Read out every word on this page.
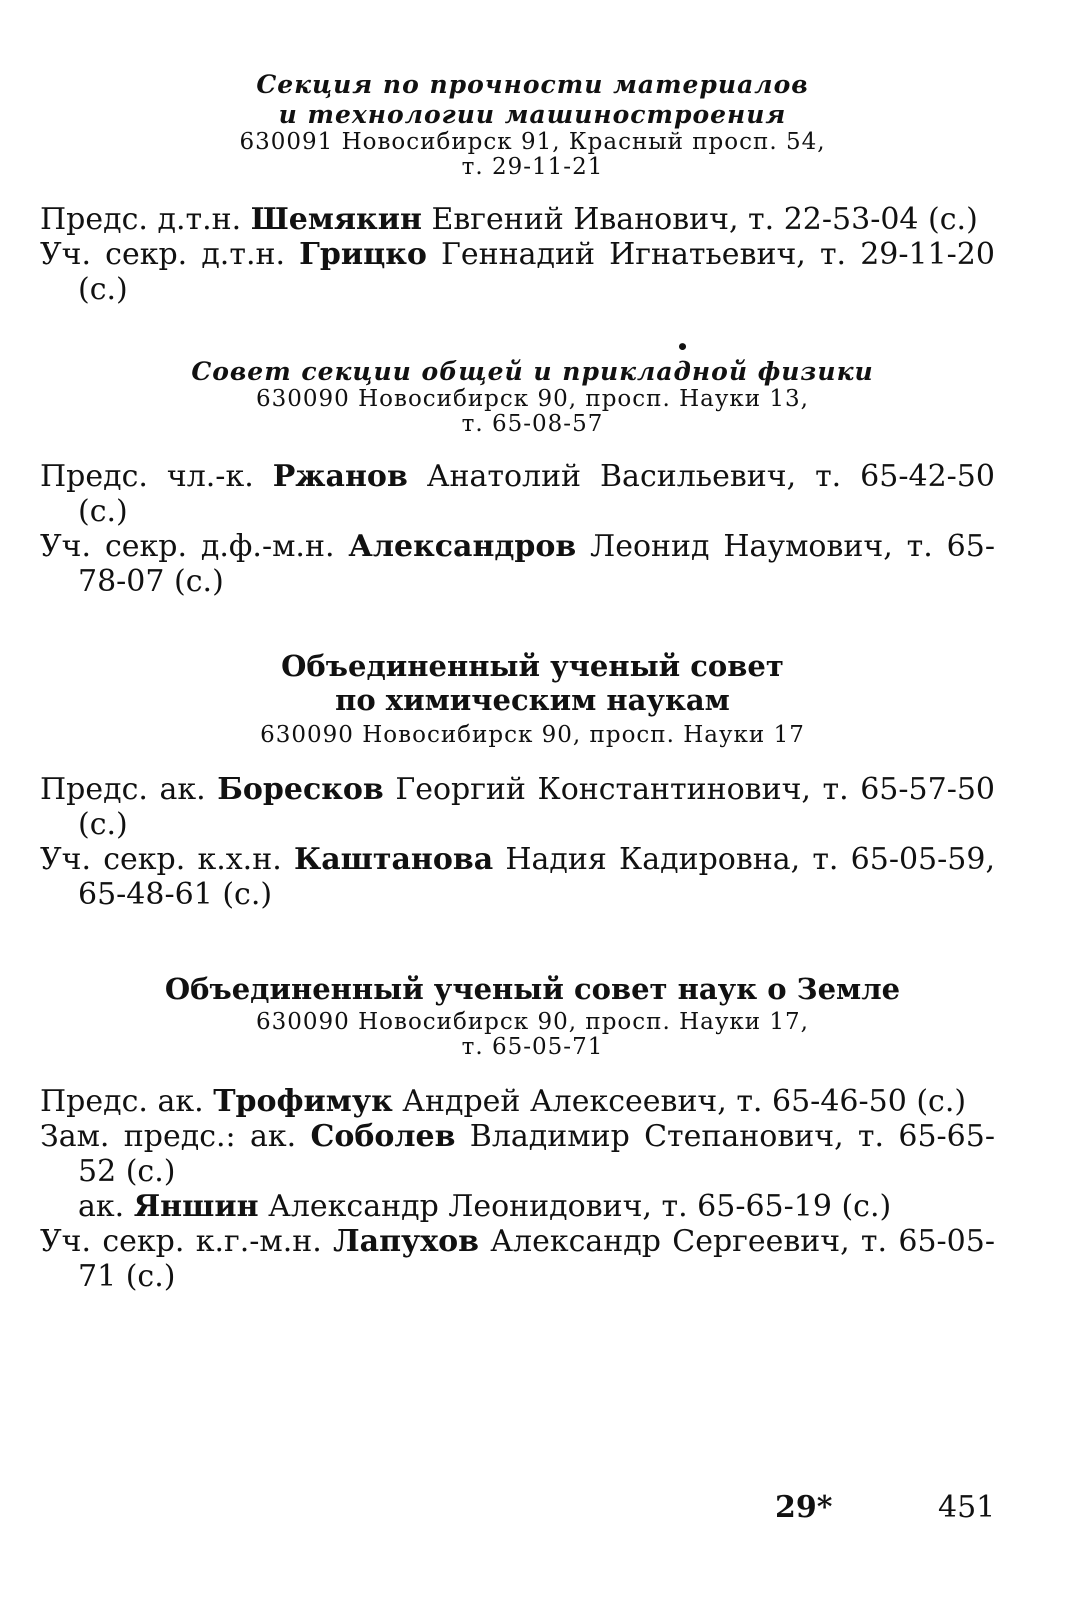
Секция по прочности материалов
и технологии машиностроения
630091 Новосибирск 91, Красный просп. 54,
т. 29-11-21
Предс. д.т.н. Шемякин Евгений Иванович, т. 22-53-04 (с.)
Уч. секр. д.т.н. Грицко Геннадий Игнатьевич, т. 29-11-20 (с.)
•
Совет секции общей и прикладной физики
630090 Новосибирск 90, просп. Науки 13,
т. 65-08-57
Предс. чл.-к. Ржанов Анатолий Васильевич, т. 65-42-50 (с.)
Уч. секр. д.ф.-м.н. Александров Леонид Наумович, т. 65-78-07 (с.)
Объединенный ученый совет
по химическим наукам
630090 Новосибирск 90, просп. Науки 17
Предс. ак. Боресков Георгий Константинович, т. 65-57-50 (с.)
Уч. секр. к.х.н. Каштанова Надия Кадировна, т. 65-05-59, 65-48-61 (с.)
Объединенный ученый совет наук о Земле
630090 Новосибирск 90, просп. Науки 17,
т. 65-05-71
Предс. ак. Трофимук Андрей Алексеевич, т. 65-46-50 (с.)
Зам. предс.: ак. Соболев Владимир Степанович, т. 65-65-52 (с.)
ак. Яншин Александр Леонидович, т. 65-65-19 (с.)
Уч. секр. к.г.-м.н. Лапухов Александр Сергеевич, т. 65-05-71 (с.)
29*	451
